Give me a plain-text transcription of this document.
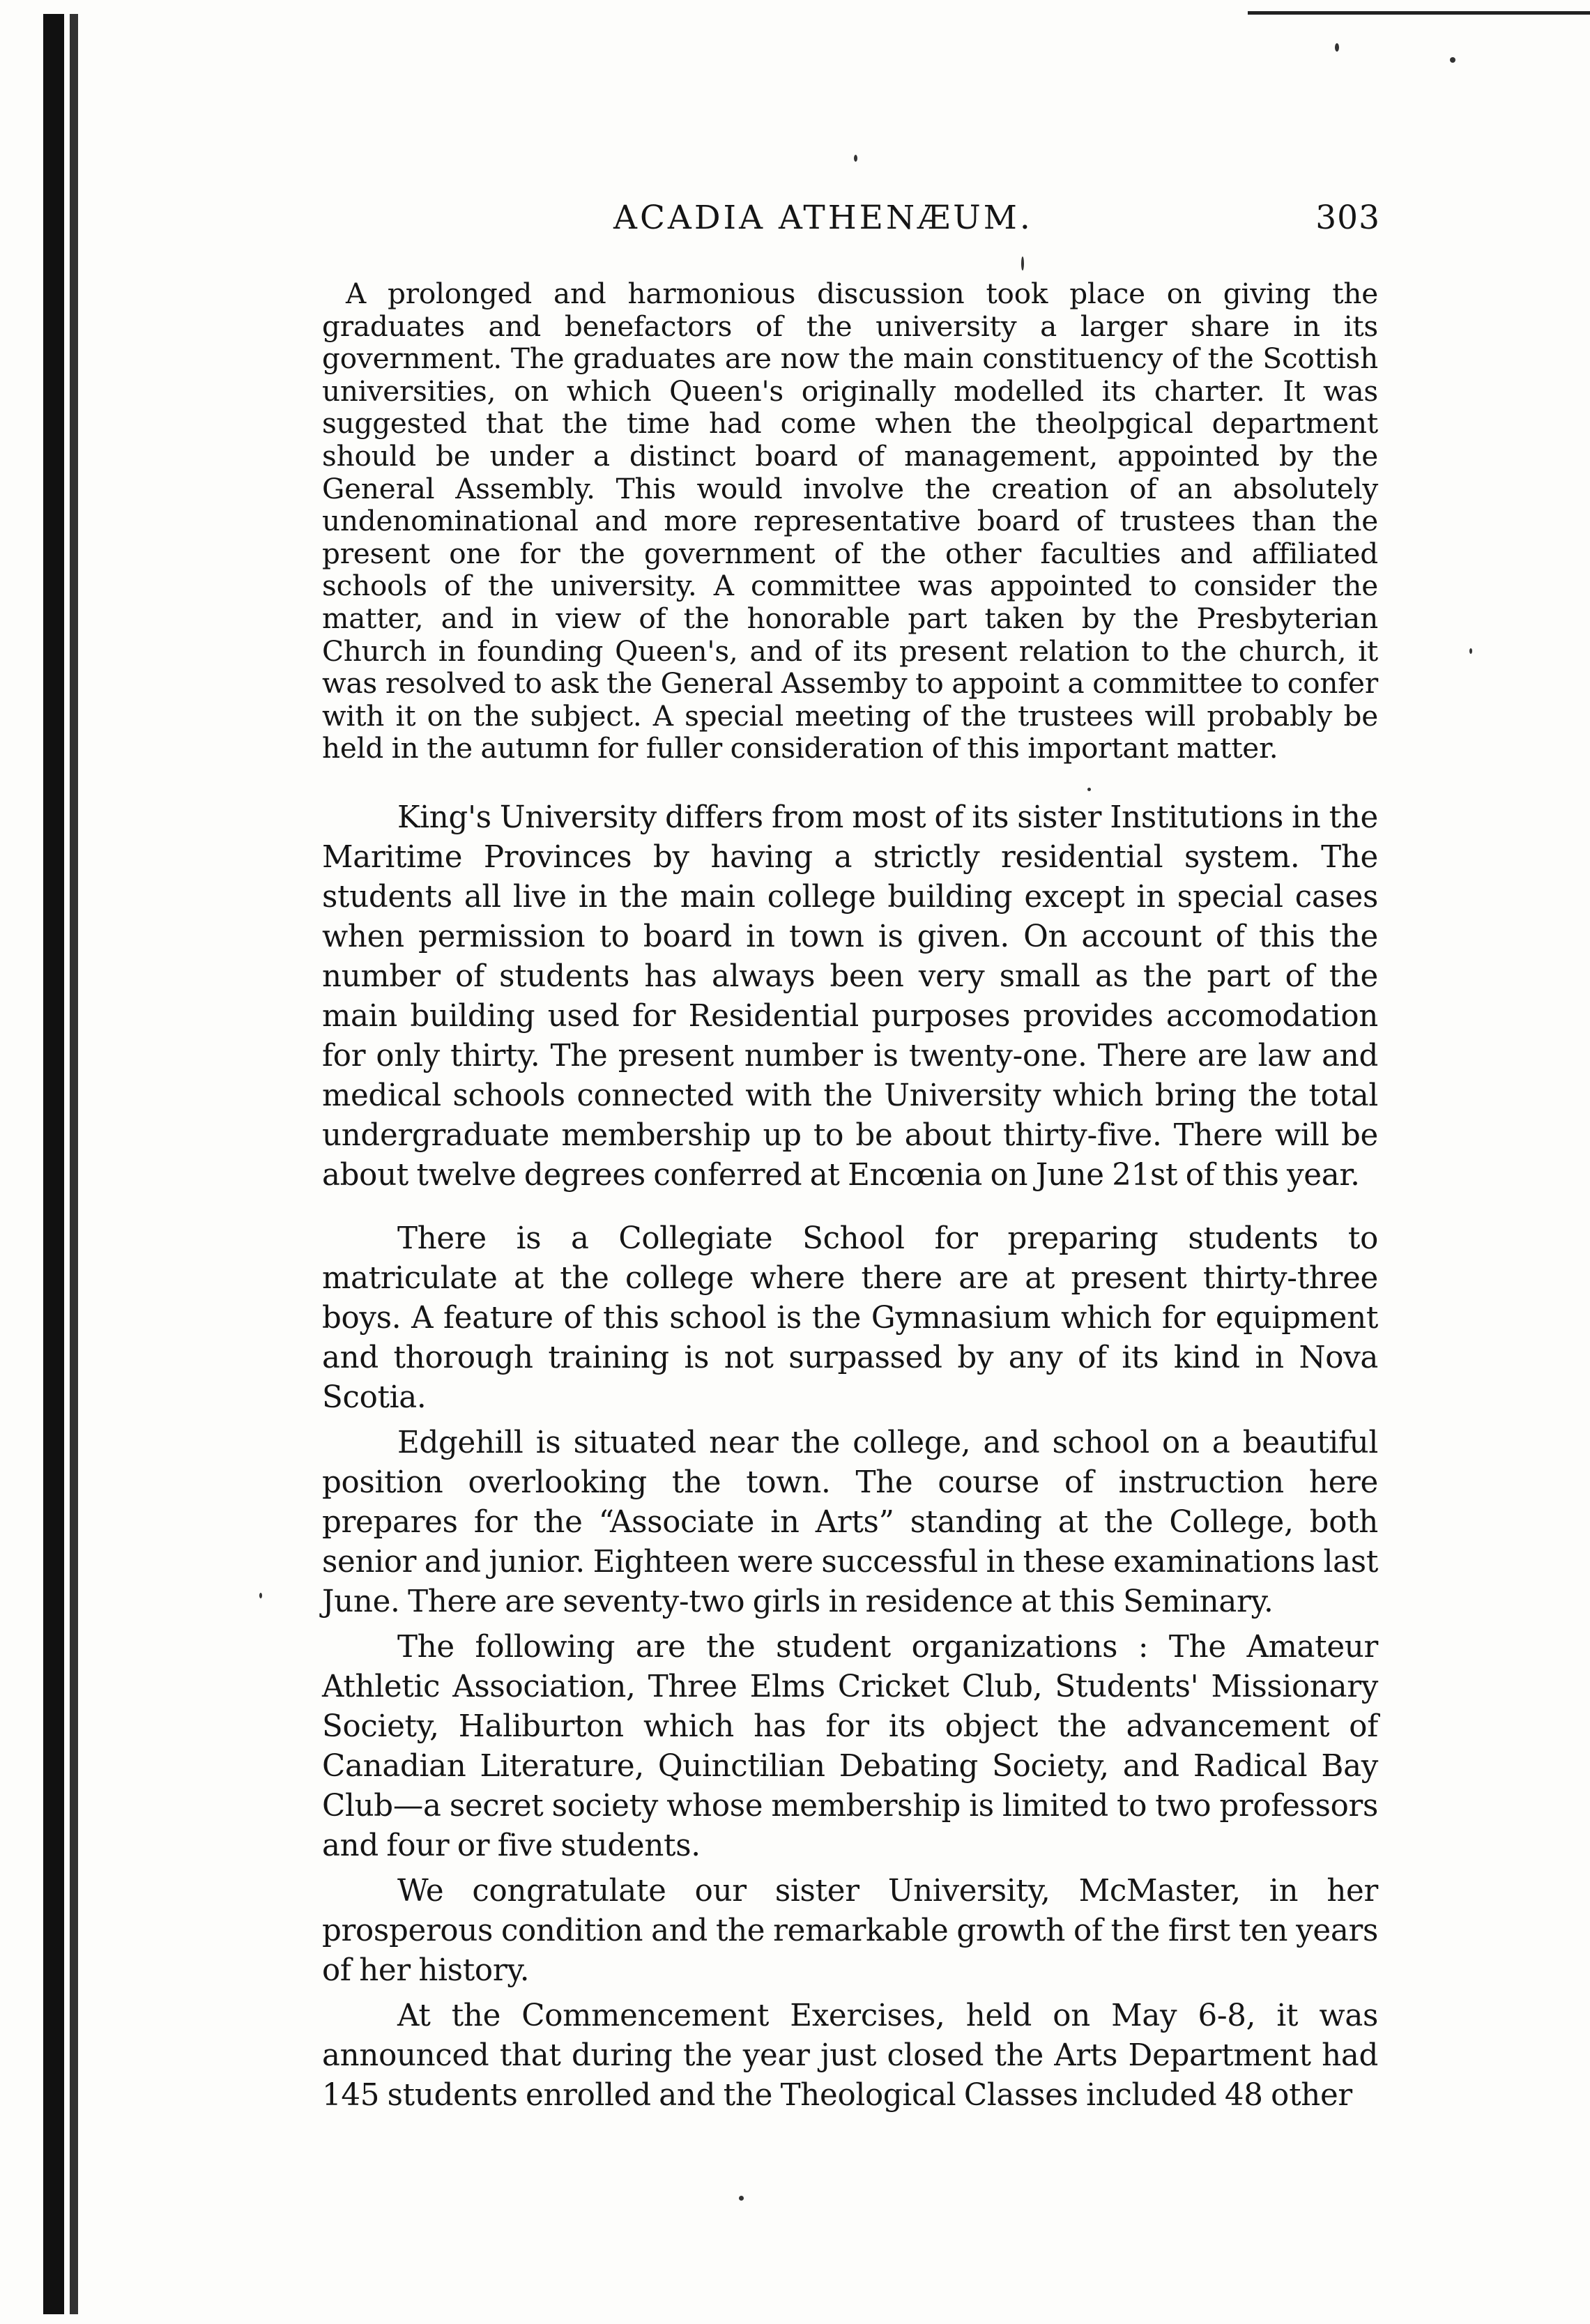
ACADIA ATHENÆUM.	303

A prolonged and harmonious discussion took place on giving the graduates and benefactors of the university a larger share in its government. The graduates are now the main constituency of the Scottish universities, on which Queen's originally modelled its charter. It was suggested that the time had come when the theolpgical department should be under a distinct board of management, appointed by the General Assembly. This would involve the creation of an absolutely undenominational and more representative board of trustees than the present one for the government of the other faculties and affiliated schools of the university. A committee was appointed to consider the matter, and in view of the honorable part taken by the Presbyterian Church in founding Queen's, and of its present relation to the church, it was resolved to ask the General Assemby to appoint a committee to confer with it on the subject. A special meeting of the trustees will probably be held in the autumn for fuller consideration of this important matter.

King's University differs from most of its sister Institutions in the Maritime Provinces by having a strictly residential system. The students all live in the main college building except in special cases when permission to board in town is given. On account of this the number of students has always been very small as the part of the main building used for Residential purposes provides accomodation for only thirty. The present number is twenty-one. There are law and medical schools connected with the University which bring the total undergraduate membership up to be about thirty-five. There will be about twelve degrees conferred at Encœnia on June 21st of this year.

There is a Collegiate School for preparing students to matriculate at the college where there are at present thirty-three boys. A feature of this school is the Gymnasium which for equipment and thorough training is not surpassed by any of its kind in Nova Scotia.

Edgehill is situated near the college, and school on a beautiful position overlooking the town. The course of instruction here prepares for the “Associate in Arts” standing at the College, both senior and junior. Eighteen were successful in these examinations last June. There are seventy-two girls in residence at this Seminary.

The following are the student organizations : The Amateur Athletic Association, Three Elms Cricket Club, Students' Missionary Society, Haliburton which has for its object the advancement of Canadian Literature, Quinctilian Debating Society, and Radical Bay Club—a secret society whose membership is limited to two professors and four or five students.

We congratulate our sister University, McMaster, in her prosperous condition and the remarkable growth of the first ten years of her history.

At the Commencement Exercises, held on May 6-8, it was announced that during the year just closed the Arts Department had 145 students enrolled and the Theological Classes included 48 other
